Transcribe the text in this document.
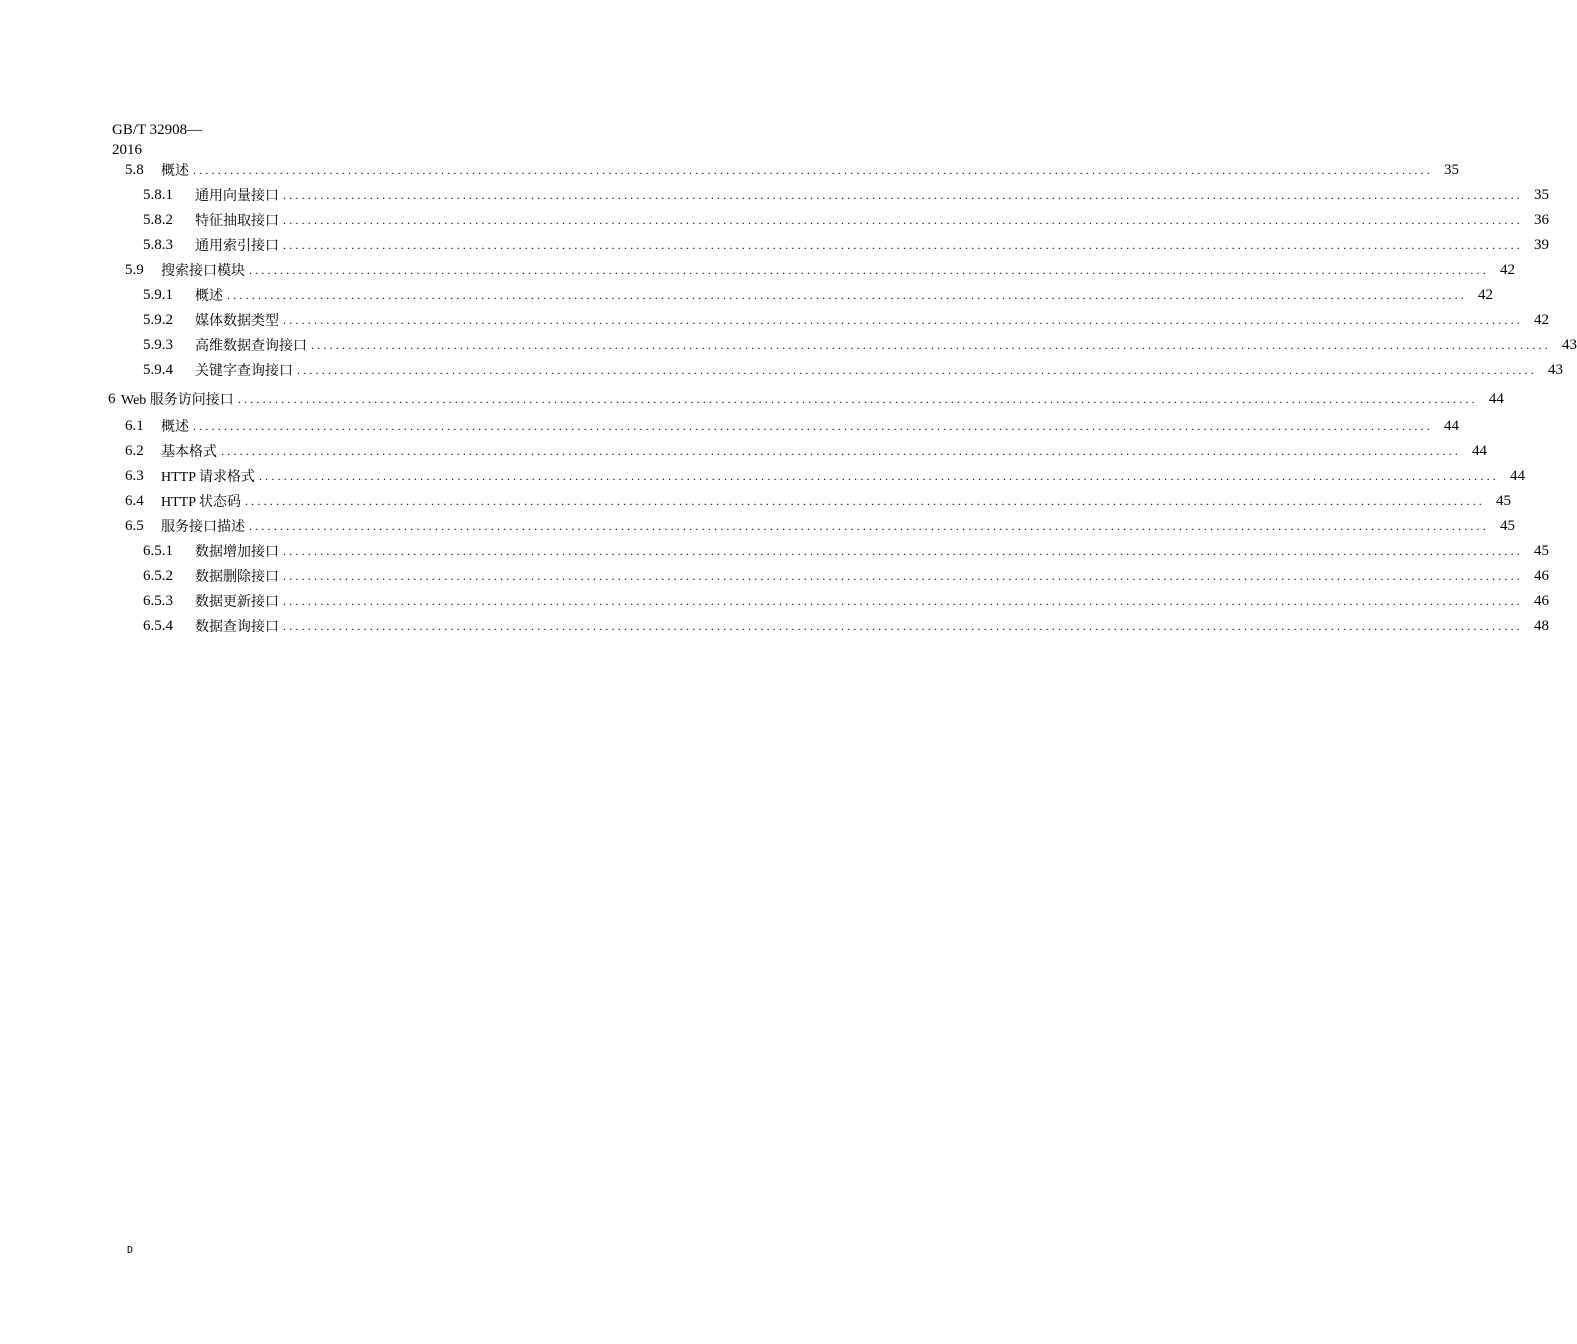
GB/T 32908—
2016
5.8	概述 ........................................................................................................................................................................................................ 35
5.8.1	通用向量接口 ........................................................................................................................................................................................................ 35
5.8.2	特征抽取接口 ........................................................................................................................................................................................................ 36
5.8.3	通用索引接口 ........................................................................................................................................................................................................ 39
5.9	搜索接口模块 ........................................................................................................................................................................................................ 42
5.9.1	概述 ........................................................................................................................................................................................................ 42
5.9.2	媒体数据类型 ........................................................................................................................................................................................................ 42
5.9.3	高维数据查询接口 ........................................................................................................................................................................................................ 43
5.9.4	关键字查询接口 ........................................................................................................................................................................................................ 43
6 Web 服务访问接口 ........................................................................................................................................................................................................ 44
6.1	概述 ........................................................................................................................................................................................................ 44
6.2	基本格式 ........................................................................................................................................................................................................ 44
6.3	HTTP 请求格式 ........................................................................................................................................................................................................ 44
6.4	HTTP 状态码 ........................................................................................................................................................................................................ 45
6.5	服务接口描述 ........................................................................................................................................................................................................ 45
6.5.1	数据增加接口 ........................................................................................................................................................................................................ 45
6.5.2	数据删除接口 ........................................................................................................................................................................................................ 46
6.5.3	数据更新接口 ........................................................................................................................................................................................................ 46
6.5.4	数据查询接口 ........................................................................................................................................................................................................ 48
D
